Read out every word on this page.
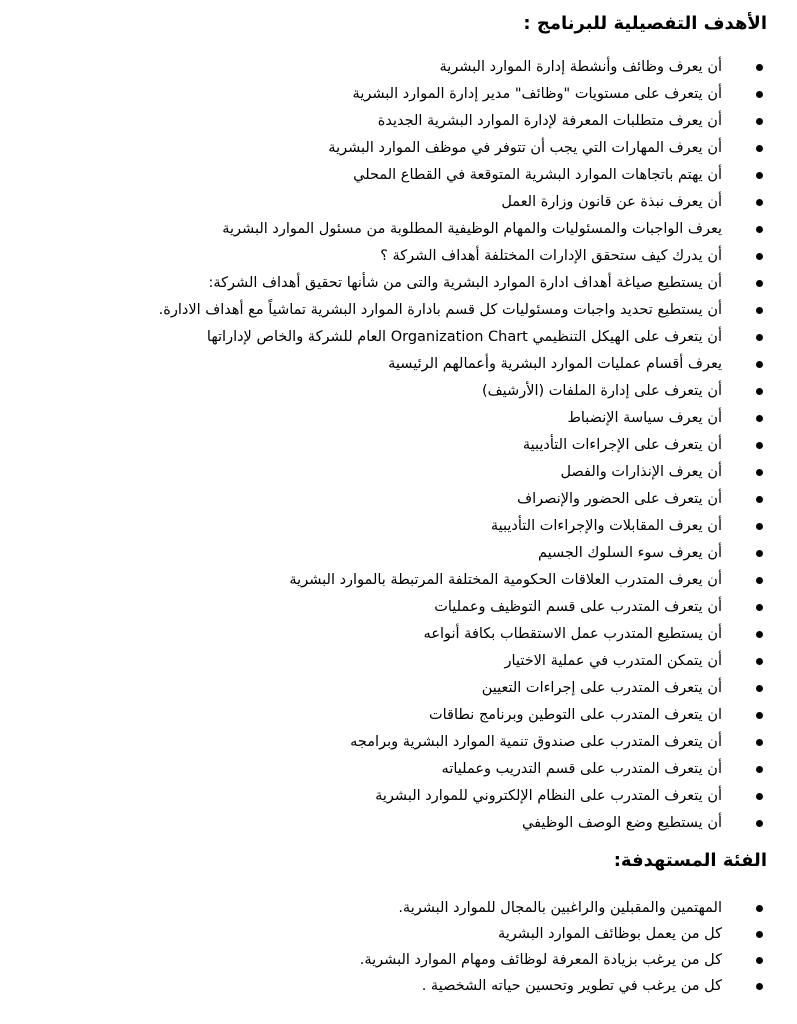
الأهدف التفصيلية للبرنامج :
أن يعرف وظائف وأنشطة إدارة الموارد البشرية
أن يتعرف على مستويات "وظائف" مدير إدارة الموارد البشرية
أن يعرف متطلبات المعرفة لإدارة الموارد البشرية الجديدة
أن يعرف المهارات التي يجب أن تتوفر في موظف الموارد البشرية
أن يهتم باتجاهات الموارد البشرية المتوقعة في القطاع المحلي
أن يعرف نبذة عن قانون وزارة العمل
يعرف الواجبات والمسئوليات والمهام الوظيفية المطلوبة من مسئول الموارد البشرية
أن يدرك كيف ستحقق الإدارات المختلفة أهداف الشركة ؟
أن يستطيع صياغة أهداف ادارة الموارد البشرية والتى من شأنها تحقيق أهداف الشركة:
أن يستطيع تحديد واجبات ومسئوليات كل قسم بادارة الموارد البشرية تماشياً مع أهداف الادارة.
أن يتعرف على الهيكل التنظيمي Organization Chart العام للشركة والخاص لإداراتها
يعرف أقسام عمليات الموارد البشرية وأعمالهم الرئيسية
أن يتعرف على إدارة الملفات (الأرشيف)
أن يعرف سياسة الإنضباط
أن يتعرف على الإجراءات التأديبية
أن يعرف الإنذارات والفصل
أن يتعرف على الحضور والإنصراف
أن يعرف المقابلات والإجراءات التأديبية
أن يعرف سوء السلوك الجسيم
أن يعرف المتدرب العلاقات الحكومية المختلفة المرتبطة بالموارد البشرية
أن يتعرف المتدرب على قسم التوظيف وعمليات
أن يستطيع المتدرب عمل الاستقطاب بكافة أنواعه
أن يتمكن المتدرب في عملية الاختيار
أن يتعرف المتدرب على إجراءات التعيين
ان يتعرف المتدرب على التوطين وبرنامج نطاقات
أن يتعرف المتدرب على صندوق تنمية الموارد البشرية وبرامجه
أن يتعرف المتدرب على قسم التدريب وعملياته
أن يتعرف المتدرب على النظام الإلكتروني للموارد البشرية
أن يستطيع وضع الوصف الوظيفي
الفئة المستهدفة:
المهتمين والمقبلين والراغبين بالمجال للموارد البشرية.
كل من يعمل بوظائف الموارد البشرية
كل من يرغب بزيادة المعرفة لوظائف ومهام الموارد البشرية.
كل من يرغب في تطوير وتحسين حياته الشخصية .
